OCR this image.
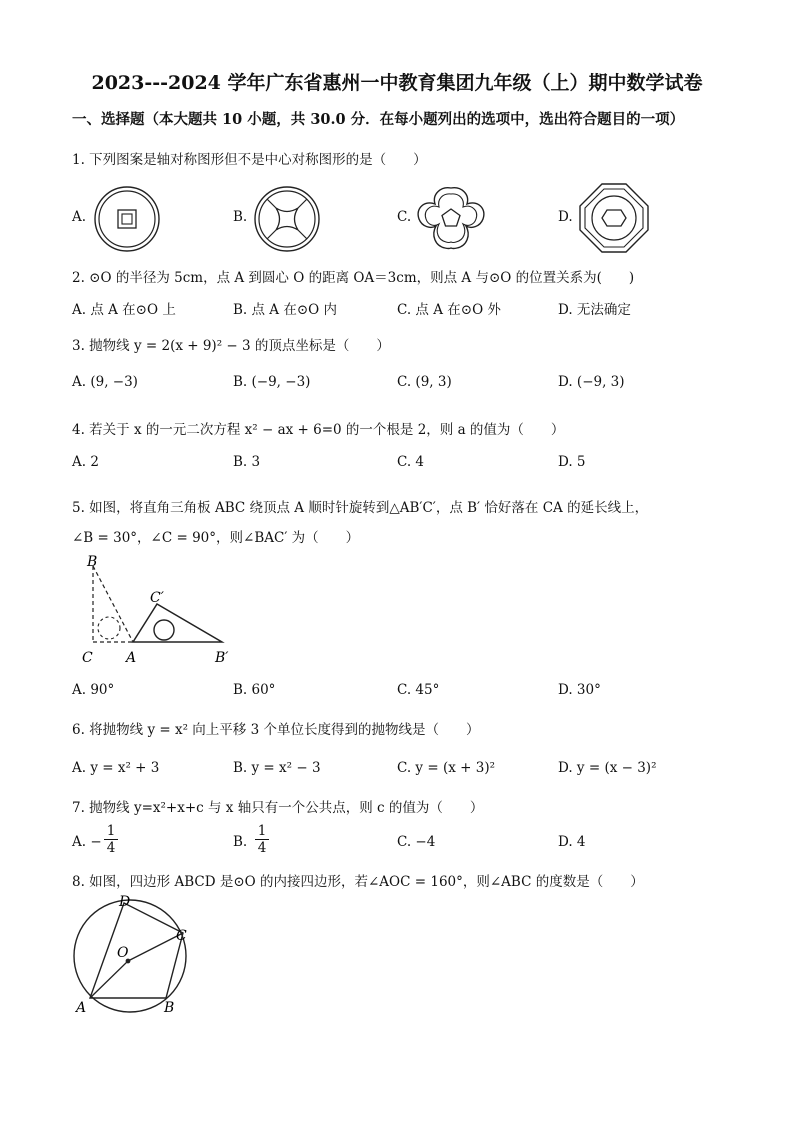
2023---2024 学年广东省惠州一中教育集团九年级（上）期中数学试卷
一、选择题（本大题共 10 小题，共 30.0 分．在每小题列出的选项中，选出符合题目的一项）
1. 下列图案是轴对称图形但不是中心对称图形的是（　　）
A.	B.	C.	D.
2. ⊙O 的半径为 5cm，点 A 到圆心 O 的距离 OA＝3cm，则点 A 与⊙O 的位置关系为(　　)
A. 点 A 在⊙O 上	B. 点 A 在⊙O 内	C. 点 A 在⊙O 外	D. 无法确定
3. 抛物线 y = 2(x + 9)² − 3 的顶点坐标是（　　）
A. (9, −3)	B. (−9, −3)	C. (9, 3)	D. (−9, 3)
4. 若关于 x 的一元二次方程 x² − ax + 6=0 的一个根是 2，则 a 的值为（　　）
A. 2	B. 3	C. 4	D. 5
5. 如图，将直角三角板 ABC 绕顶点 A 顺时针旋转到△AB′C′，点 B′ 恰好落在 CA 的延长线上，
∠B = 30°，∠C = 90°，则∠BAC′ 为（　　）
B
C′
C A	B′
A. 90°	B. 60°	C. 45°	D. 30°
6. 将抛物线 y = x² 向上平移 3 个单位长度得到的抛物线是（　　）
A. y = x² + 3	B. y = x² − 3	C. y = (x + 3)²	D. y = (x − 3)²
7. 抛物线 y=x²+x+c 与 x 轴只有一个公共点，则 c 的值为（　　）
A. − $\frac{1}{4}$	B. $\frac{1}{4}$	C. −4	D. 4
8. 如图，四边形 ABCD 是⊙O 的内接四边形，若∠AOC = 160°，则∠ABC 的度数是（　　）
D
C
O
A	B
